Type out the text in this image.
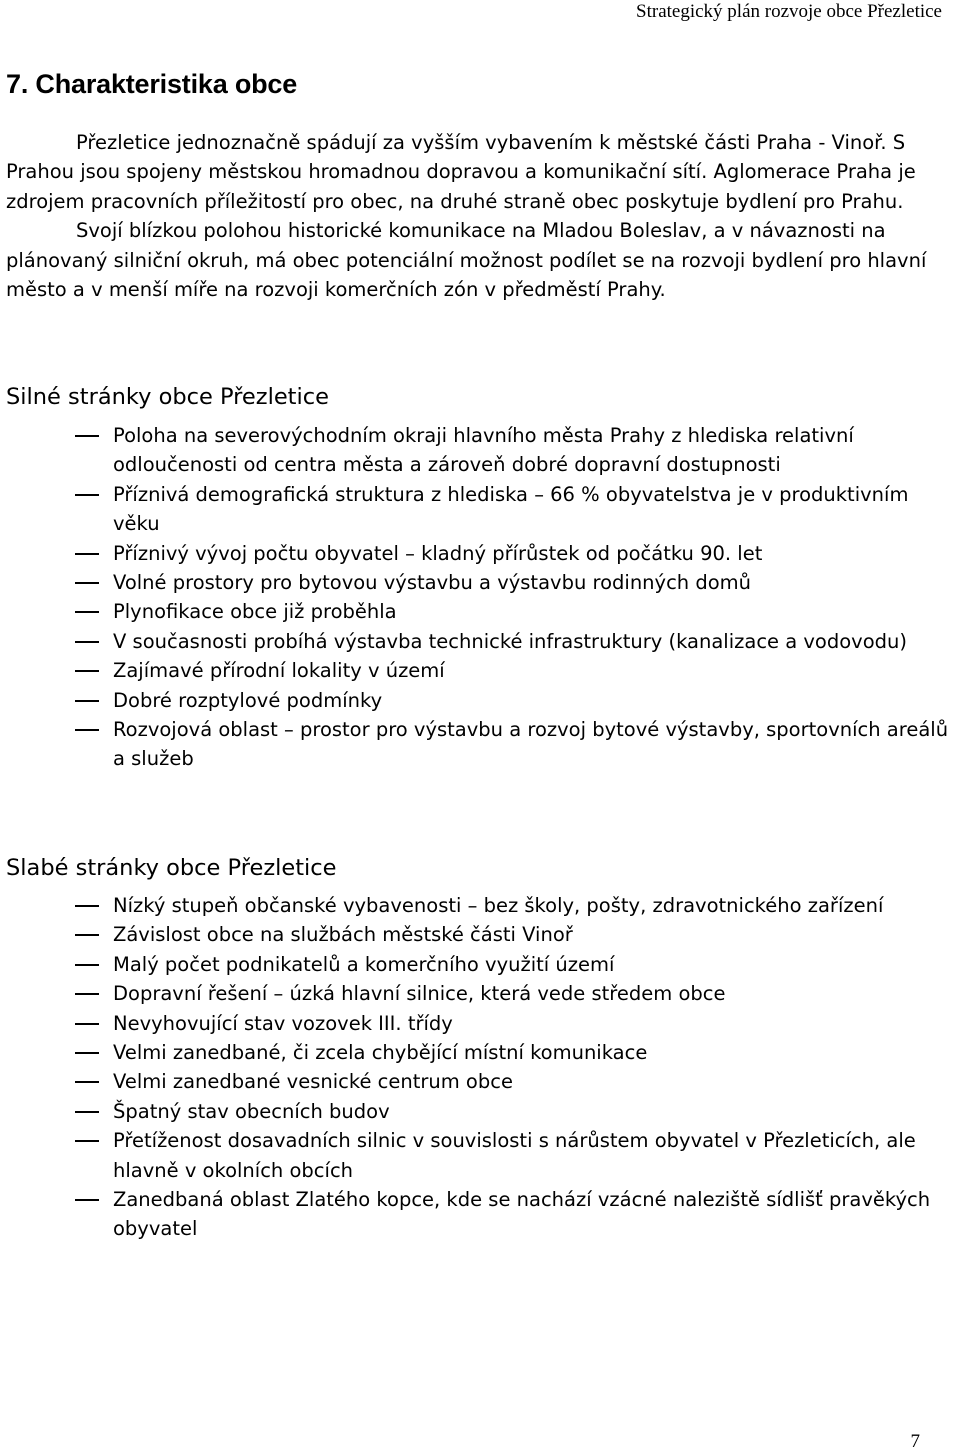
Strategický plán rozvoje obce Přezletice
7. Charakteristika obce

Přezletice jednoznačně spádují za vyšším vybavením k městské části Praha - Vinoř. S Prahou jsou spojeny městskou hromadnou dopravou a komunikační sítí. Aglomerace Praha je zdrojem pracovních příležitostí pro obec, na druhé straně obec poskytuje bydlení pro Prahu.

Svojí blízkou polohou historické komunikace na Mladou Boleslav, a v návaznosti na plánovaný silniční okruh, má obec potenciální možnost podílet se na rozvoji bydlení pro hlavní město a v menší míře na rozvoji komerčních zón v předměstí Prahy.

Silné stránky obce Přezletice
Poloha na severovýchodním okraji hlavního města Prahy z hlediska relativní odloučenosti od centra města a zároveň dobré dopravní dostupnosti
Příznivá demografická struktura z hlediska – 66 % obyvatelstva je v produktivním věku
Příznivý vývoj počtu obyvatel – kladný přírůstek od počátku 90. let
Volné prostory pro bytovou výstavbu a výstavbu rodinných domů
Plynofikace obce již proběhla
V současnosti probíhá výstavba technické infrastruktury (kanalizace a vodovodu)
Zajímavé přírodní lokality v území
Dobré rozptylové podmínky
Rozvojová oblast – prostor pro výstavbu a rozvoj bytové výstavby, sportovních areálů a služeb
Slabé stránky obce Přezletice
Nízký stupeň občanské vybavenosti – bez školy, pošty, zdravotnického zařízení
Závislost obce na službách městské části Vinoř
Malý počet podnikatelů a komerčního využití území
Dopravní řešení – úzká hlavní silnice, která vede středem obce
Nevyhovující stav vozovek III. třídy
Velmi zanedbané, či zcela chybějící místní komunikace
Velmi zanedbané vesnické centrum obce
Špatný stav obecních budov
Přetíženost dosavadních silnic v souvislosti s nárůstem obyvatel v Přezleticích, ale hlavně v okolních obcích
Zanedbaná oblast Zlatého kopce, kde se nachází vzácné naleziště sídlišť pravěkých obyvatel
7
